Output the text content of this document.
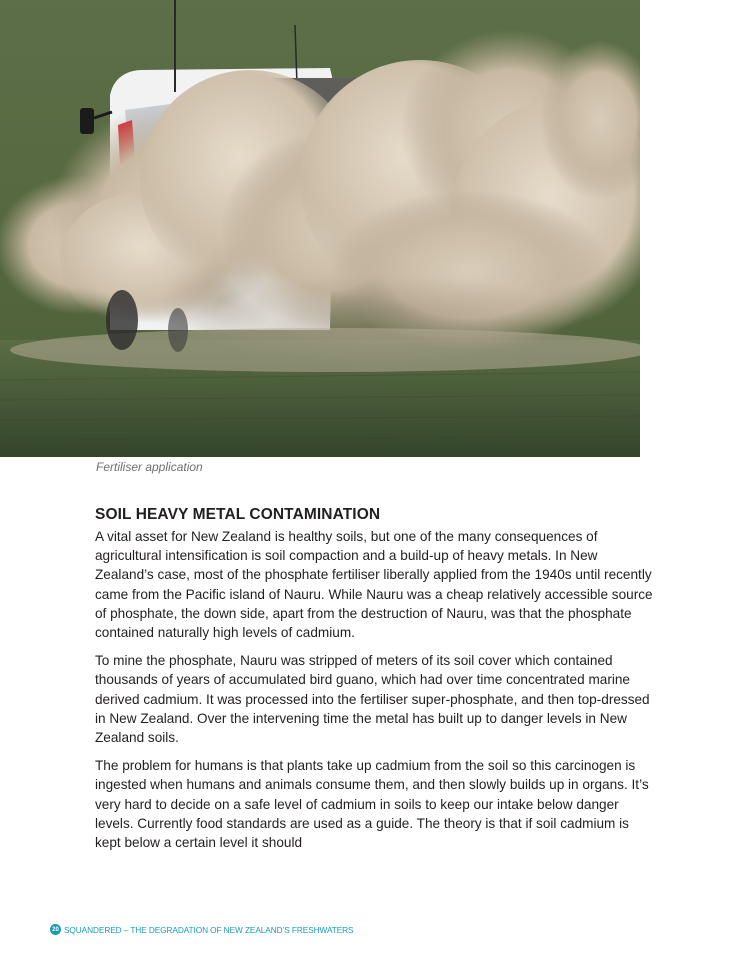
Fertiliser application
SOIL HEAVY METAL CONTAMINATION

A vital asset for New Zealand is healthy soils, but one of the many consequences of agricultural intensification is soil compaction and a build-up of heavy metals. In New Zealand’s case, most of the phosphate fertiliser liberally applied from the 1940s until recently came from the Pacific island of Nauru. While Nauru was a cheap relatively accessible source of phosphate, the down side, apart from the destruction of Nauru, was that the phosphate contained naturally high levels of cadmium.

To mine the phosphate, Nauru was stripped of meters of its soil cover which contained thousands of years of accumulated bird guano, which had over time concentrated marine derived cadmium. It was processed into the fertiliser super-phosphate, and then top-dressed in New Zealand. Over the intervening time the metal has built up to danger levels in New Zealand soils.

The problem for humans is that plants take up cadmium from the soil so this carcinogen is ingested when humans and animals consume them, and then slowly builds up in organs. It’s very hard to decide on a safe level of cadmium in soils to keep our intake below danger levels. Currently food standards are used as a guide. The theory is that if soil cadmium is kept below a certain level it should

20 SQUANDERED – THE DEGRADATION OF NEW ZEALAND’S FRESHWATERS
